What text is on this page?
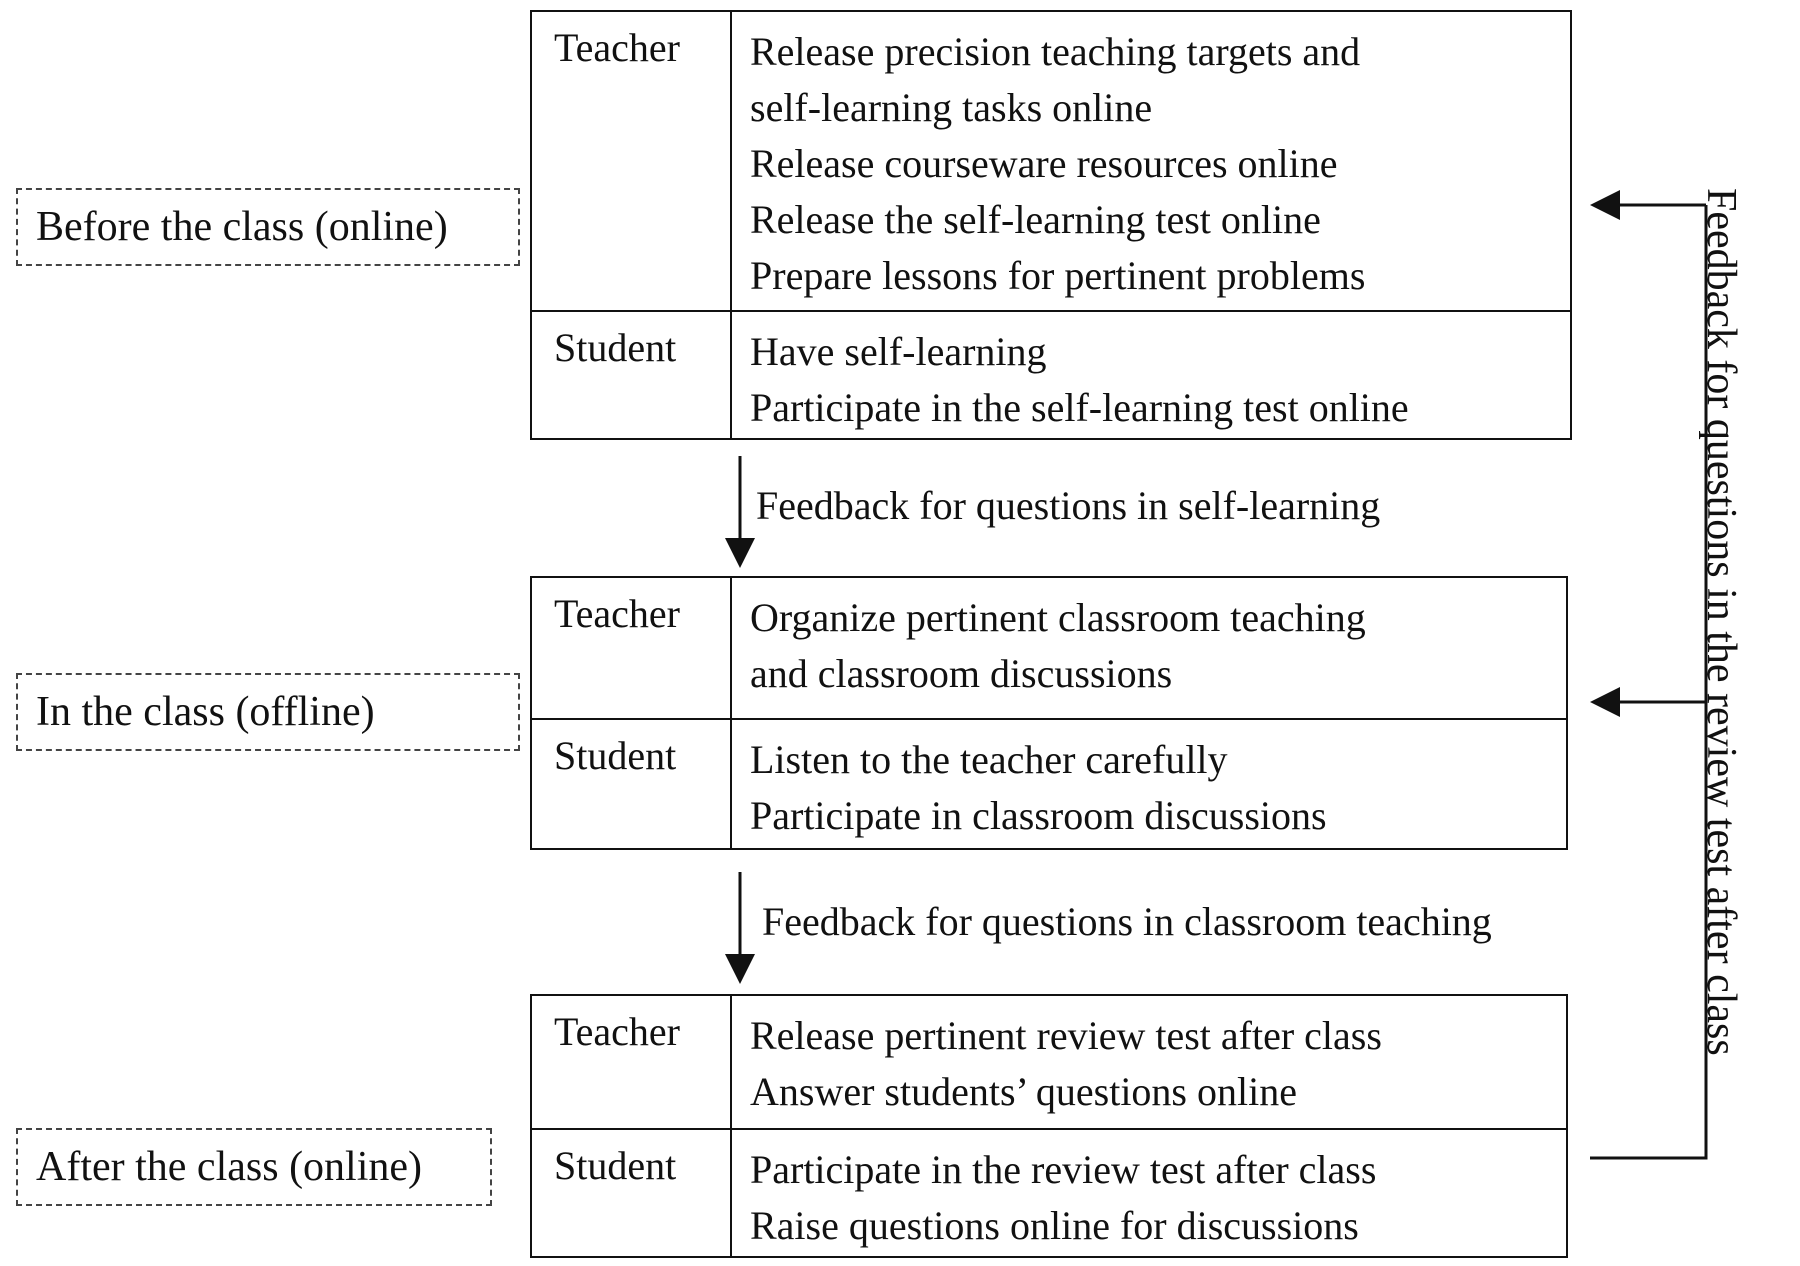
Before the class (online)
In the class (offline)
After the class (online)
Teacher Release precision teaching targets and
self-learning tasks online
Release courseware resources online
Release the self-learning test online
Prepare lessons for pertinent problems
Student Have self-learning
Participate in the self-learning test online
Teacher Organize pertinent classroom teaching
and classroom discussions
Student Listen to the teacher carefully
Participate in classroom discussions
Teacher Release pertinent review test after class
Answer students’ questions online
Student Participate in the review test after class
Raise questions online for discussions
Feedback for questions in self-learning
Feedback for questions in classroom teaching	Feedback for questions in the review test after class
